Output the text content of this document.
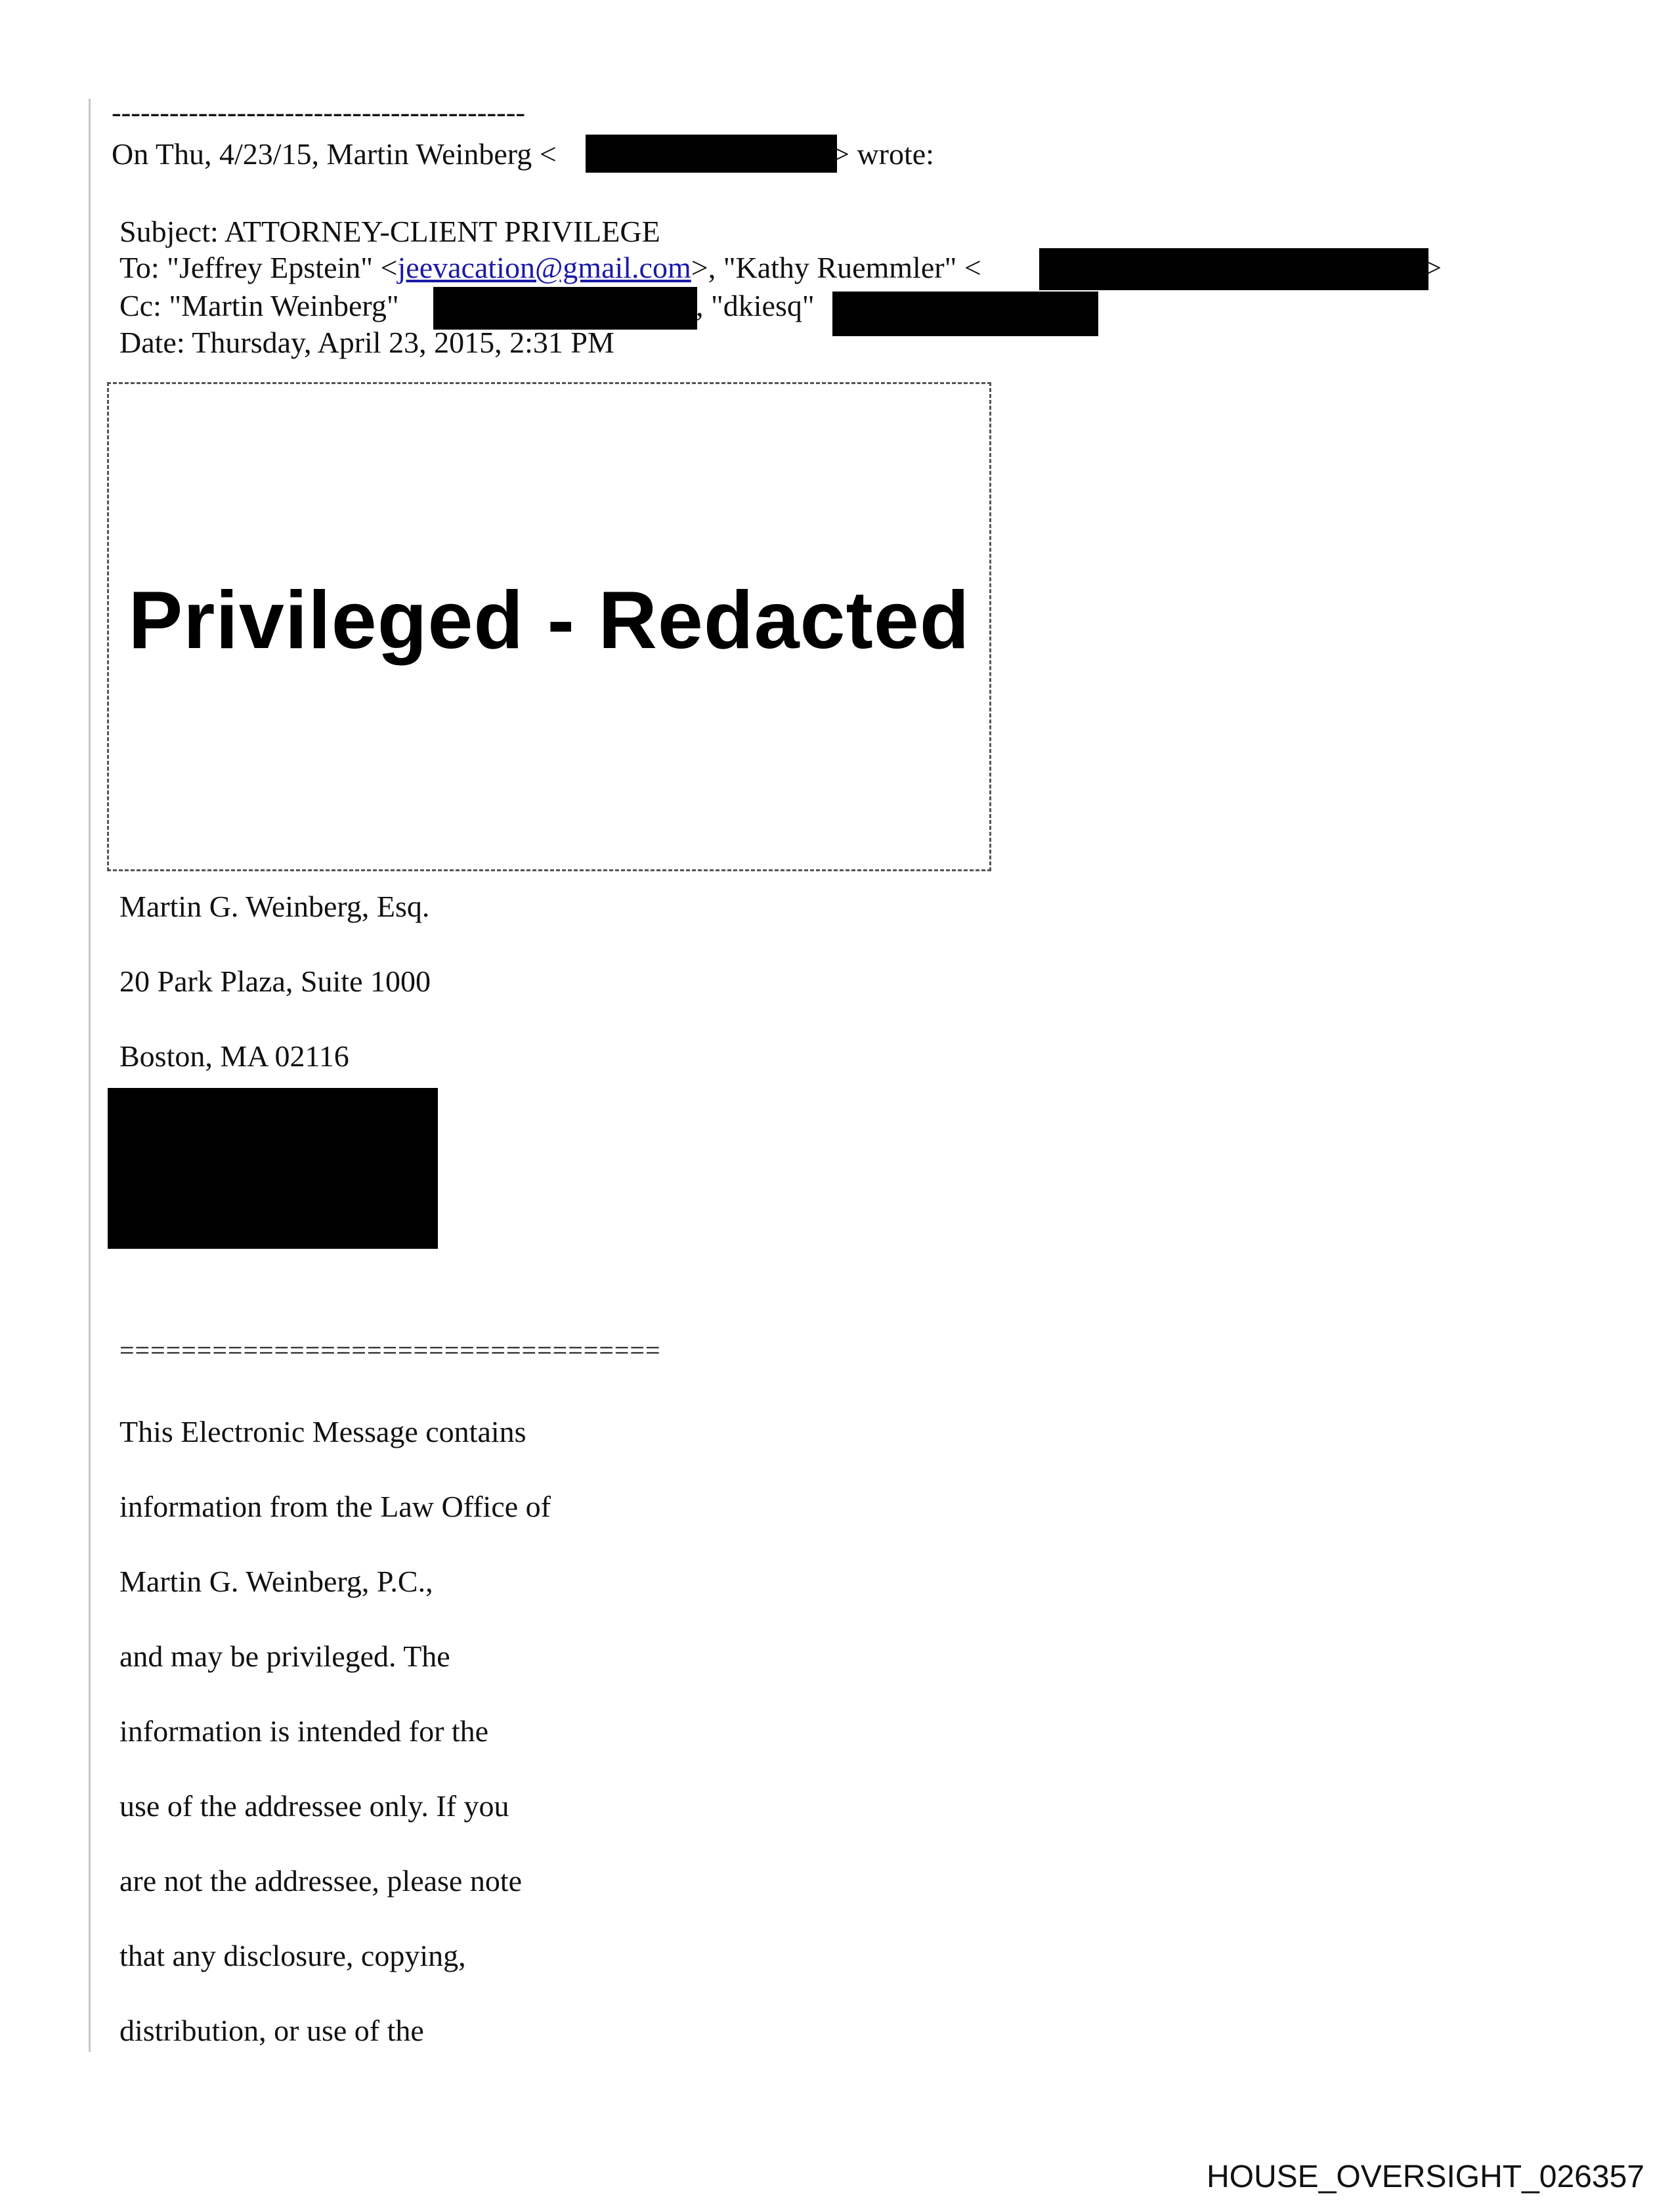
-------------------------------------------
On Thu, 4/23/15, Martin Weinberg <	> wrote:
Subject: ATTORNEY-CLIENT PRIVILEGE
To: "Jeffrey Epstein" <jeevacation@gmail.com>, "Kathy Ruemmler" <	>
Cc: "Martin Weinberg"	, "dkiesq"
Date: Thursday, April 23, 2015, 2:31 PM
Privileged - Redacted
Martin G. Weinberg, Esq.
20 Park Plaza, Suite 1000
Boston, MA 02116
===================================
This Electronic Message contains
information from the Law Office of
Martin G. Weinberg, P.C.,
and may be privileged. The
information is intended for the
use of the addressee only. If you
are not the addressee, please note
that any disclosure, copying,
distribution, or use of the
HOUSE_OVERSIGHT_026357
